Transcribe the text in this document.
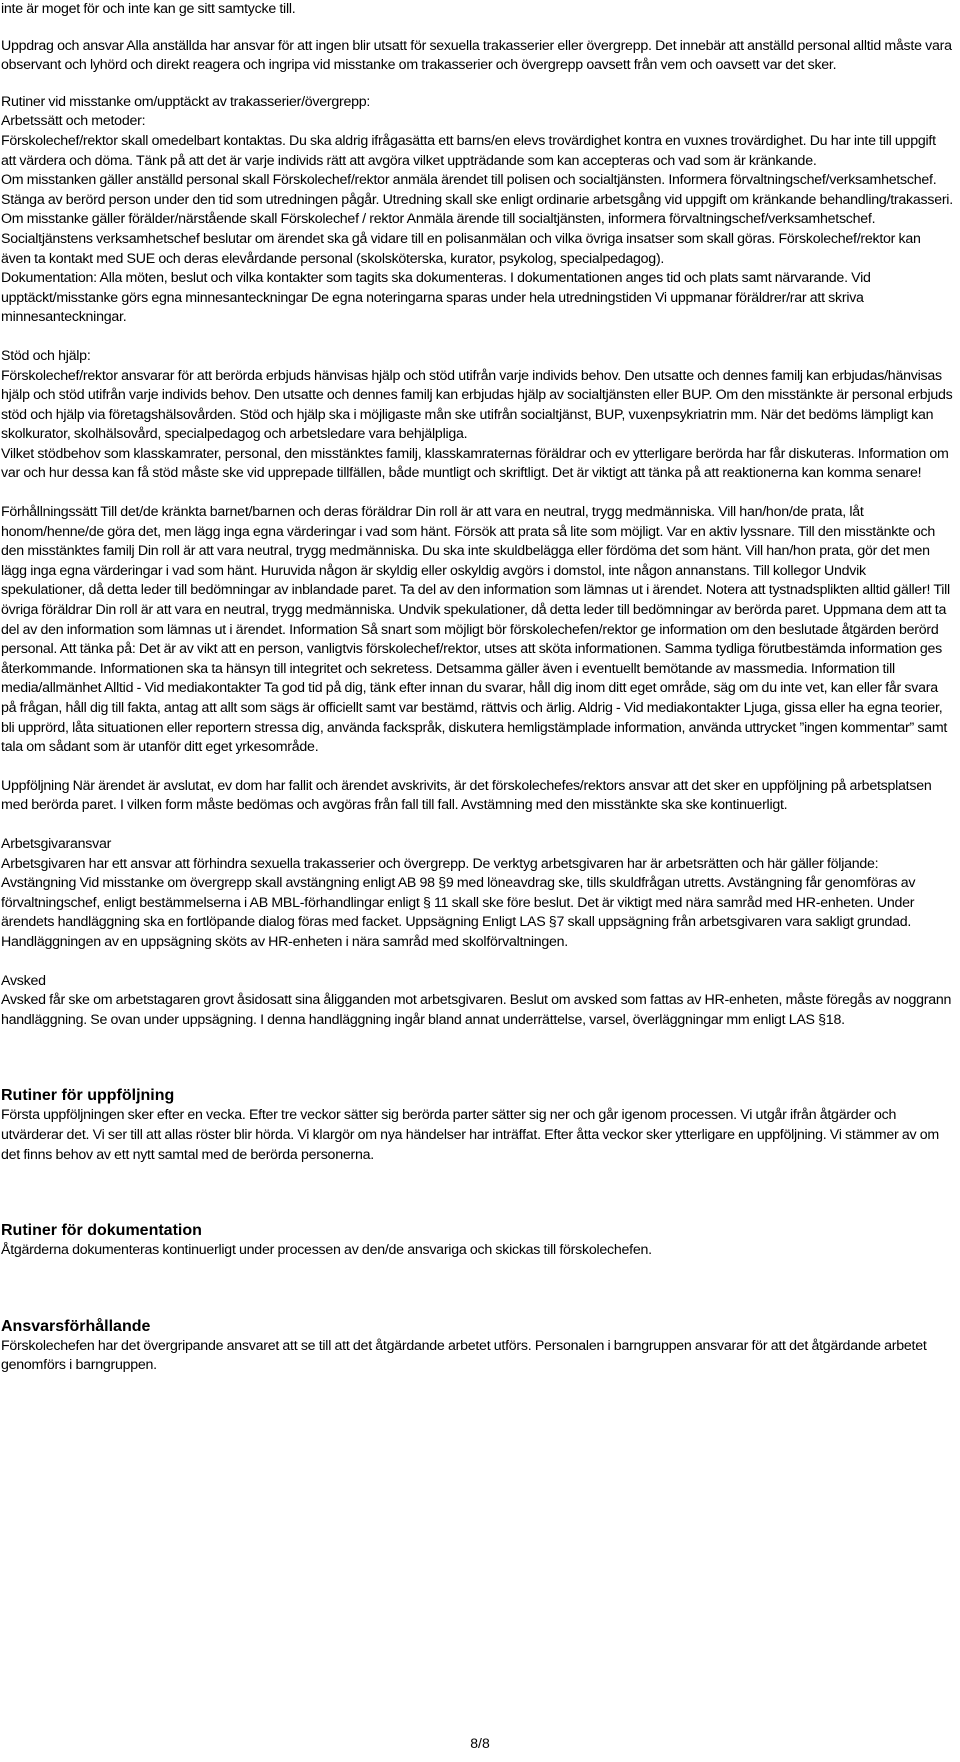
inte är moget för och inte kan ge sitt samtycke till.

Uppdrag och ansvar Alla anställda har ansvar för att ingen blir utsatt för sexuella trakasserier eller övergrepp. Det innebär att anställd personal alltid måste vara observant och lyhörd och direkt reagera och ingripa vid misstanke om trakasserier och övergrepp oavsett från vem och oavsett var det sker.

Rutiner vid misstanke om/upptäckt av trakasserier/övergrepp:

Arbetssätt och metoder:

Förskolechef/rektor skall omedelbart kontaktas. Du ska aldrig ifrågasätta ett barns/en elevs trovärdighet kontra en vuxnes trovärdighet. Du har inte till uppgift att värdera och döma. Tänk på att det är varje individs rätt att avgöra vilket uppträdande som kan accepteras och vad som är kränkande.

Om misstanken gäller anställd personal skall Förskolechef/rektor anmäla ärendet till polisen och socialtjänsten. Informera förvaltningschef/verksamhetschef. Stänga av berörd person under den tid som utredningen pågår. Utredning skall ske enligt ordinarie arbetsgång vid uppgift om kränkande behandling/trakasseri.

Om misstanke gäller förälder/närstående skall Förskolechef / rektor Anmäla ärende till socialtjänsten, informera förvaltningschef/verksamhetschef. Socialtjänstens verksamhetschef beslutar om ärendet ska gå vidare till en polisanmälan och vilka övriga insatser som skall göras. Förskolechef/rektor kan även ta kontakt med SUE och deras elevårdande personal (skolsköterska, kurator, psykolog, specialpedagog).

Dokumentation: Alla möten, beslut och vilka kontakter som tagits ska dokumenteras. I dokumentationen anges tid och plats samt närvarande. Vid upptäckt/misstanke görs egna minnesanteckningar De egna noteringarna sparas under hela utredningstiden Vi uppmanar föräldrer/rar att skriva minnesanteckningar.

Stöd och hjälp:

Förskolechef/rektor ansvarar för att berörda erbjuds hänvisas hjälp och stöd utifrån varje individs behov. Den utsatte och dennes familj kan erbjudas/hänvisas hjälp och stöd utifrån varje individs behov. Den utsatte och dennes familj kan erbjudas hjälp av socialtjänsten eller BUP. Om den misstänkte är personal erbjuds stöd och hjälp via företagshälsovården. Stöd och hjälp ska i möjligaste mån ske utifrån socialtjänst, BUP, vuxenpsykriatrin mm. När det bedöms lämpligt kan skolkurator, skolhälsovård, specialpedagog och arbetsledare vara behjälpliga.

Vilket stödbehov som klasskamrater, personal, den misstänktes familj, klasskamraternas föräldrar och ev ytterligare berörda har får diskuteras. Information om var och hur dessa kan få stöd måste ske vid upprepade tillfällen, både muntligt och skriftligt. Det är viktigt att tänka på att reaktionerna kan komma senare!

Förhållningssätt Till det/de kränkta barnet/barnen och deras föräldrar Din roll är att vara en neutral, trygg medmänniska. Vill han/hon/de prata, låt honom/henne/de göra det, men lägg inga egna värderingar i vad som hänt. Försök att prata så lite som möjligt. Var en aktiv lyssnare. Till den misstänkte och den misstänktes familj Din roll är att vara neutral, trygg medmänniska. Du ska inte skuldbelägga eller fördöma det som hänt. Vill han/hon prata, gör det men lägg inga egna värderingar i vad som hänt. Huruvida någon är skyldig eller oskyldig avgörs i domstol, inte någon annanstans. Till kollegor Undvik spekulationer, då detta leder till bedömningar av inblandade paret. Ta del av den information som lämnas ut i ärendet. Notera att tystnadsplikten alltid gäller! Till övriga föräldrar Din roll är att vara en neutral, trygg medmänniska. Undvik spekulationer, då detta leder till bedömningar av berörda paret. Uppmana dem att ta del av den information som lämnas ut i ärendet. Information Så snart som möjligt bör förskolechefen/rektor ge information om den beslutade åtgärden berörd personal. Att tänka på: Det är av vikt att en person, vanligtvis förskolechef/rektor, utses att sköta informationen. Samma tydliga förutbestämda information ges återkommande. Informationen ska ta hänsyn till integritet och sekretess. Detsamma gäller även i eventuellt bemötande av massmedia. Information till media/allmänhet Alltid - Vid mediakontakter Ta god tid på dig, tänk efter innan du svarar, håll dig inom ditt eget område, säg om du inte vet, kan eller får svara på frågan, håll dig till fakta, antag att allt som sägs är officiellt samt var bestämd, rättvis och ärlig. Aldrig - Vid mediakontakter Ljuga, gissa eller ha egna teorier, bli upprörd, låta situationen eller reportern stressa dig, använda fackspråk, diskutera hemligstämplade information, använda uttrycket ”ingen kommentar” samt tala om sådant som är utanför ditt eget yrkesområde.

Uppföljning När ärendet är avslutat, ev dom har fallit och ärendet avskrivits, är det förskolechefes/rektors ansvar att det sker en uppföljning på arbetsplatsen med berörda paret. I vilken form måste bedömas och avgöras från fall till fall. Avstämning med den misstänkte ska ske kontinuerligt.

Arbetsgivaransvar

Arbetsgivaren har ett ansvar att förhindra sexuella trakasserier och övergrepp. De verktyg arbetsgivaren har är arbetsrätten och här gäller följande: Avstängning Vid misstanke om övergrepp skall avstängning enligt AB 98 §9 med löneavdrag ske, tills skuldfrågan utretts. Avstängning får genomföras av förvaltningschef, enligt bestämmelserna i AB MBL-förhandlingar enligt § 11 skall ske före beslut. Det är viktigt med nära samråd med HR-enheten. Under ärendets handläggning ska en fortlöpande dialog föras med facket. Uppsägning Enligt LAS §7 skall uppsägning från arbetsgivaren vara sakligt grundad. Handläggningen av en uppsägning sköts av HR-enheten i nära samråd med skolförvaltningen.

Avsked

Avsked får ske om arbetstagaren grovt åsidosatt sina åligganden mot arbetsgivaren. Beslut om avsked som fattas av HR-enheten, måste föregås av noggrann handläggning. Se ovan under uppsägning. I denna handläggning ingår bland annat underrättelse, varsel, överläggningar mm enligt LAS §18.

Rutiner för uppföljning

Första uppföljningen sker efter en vecka. Efter tre veckor sätter sig berörda parter sätter sig ner och går igenom processen. Vi utgår ifrån åtgärder och utvärderar det. Vi ser till att allas röster blir hörda. Vi klargör om nya händelser har inträffat. Efter åtta veckor sker ytterligare en uppföljning. Vi stämmer av om det finns behov av ett nytt samtal med de berörda personerna.

Rutiner för dokumentation

Åtgärderna dokumenteras kontinuerligt under processen av den/de ansvariga och skickas till förskolechefen.

Ansvarsförhållande

Förskolechefen har det övergripande ansvaret att se till att det åtgärdande arbetet utförs. Personalen i barngruppen ansvarar för att det åtgärdande arbetet genomförs i barngruppen.

8/8
